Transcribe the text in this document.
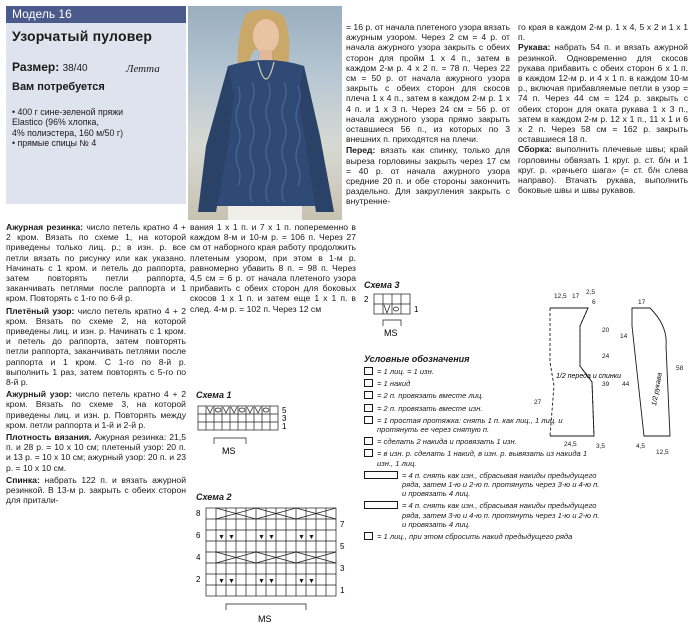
Модель 16
Узорчатый пуловер
Размер: 38/40	Летта
Вам потребуется
• 400 г сине-зеленой пряжи
Elastico (96% хлопка,
4% полиэстера, 160 м/50 г)
• прямые спицы № 4

Ажурная резинка: число петель кратно 4 + 2 кром. Вязать по схеме 1, на которой приведены только лиц. р.; в изн. р. все петли вязать по рисунку или как указано. Начинать с 1 кром. и петель до раппорта, затем повторять петли раппорта, заканчивать петлями после раппорта и 1 кром. Повторять с 1-го по 6-й р.

Плетёный узор: число петель кратно 4 + 2 кром. Вязать по схеме 2, на которой приведены лиц. и изн. р. Начинать с 1 кром. и петель до раппорта, затем повторять петли раппорта, заканчивать петлями после раппорта и 1 кром. С 1-го по 8-й р. выполнить 1 раз, затем повторять с 5-го по 8-й р.

Ажурный узор: число петель кратно 4 + 2 кром. Вязать по схеме 3, на которой приведены лиц. и изн. р. Повторять между кром. петли раппорта и 1-й и 2-й р.

Плотность вязания. Ажурная резинка: 21,5 п. и 28 р. = 10 х 10 см; плетеный узор: 20 п. и 13 р. = 10 х 10 см; ажурный узор: 20 п. и 23 р. = 10 х 10 см.

Спинка: набрать 122 п. и вязать ажурной резинкой. В 13-м р. закрыть с обеих сторон для притали-

вания 1 х 1 п. и 7 х 1 п. попеременно в каждом 8-м и 10-м р. = 106 п. Через 27 см от наборного края работу продолжить плетеным узором, при этом в 1-м р. равномерно убавить 8 п. = 98 п. Через 4,5 см = 6 р. от начала плетеного узора прибавить с обеих сторон для боковых скосов 1 х 1 п. и затем еще 1 х 1 п. в след. 4-м р. = 102 п. Через 12 см

= 16 р. от начала плетеного узора вязать ажурным узором. Через 2 см = 4 р. от начала ажурного узора закрыть с обеих сторон для пройм 1 х 4 п., затем в каждом 2-м р. 4 х 2 п. = 78 п. Через 22 см = 50 р. от начала ажурного узора закрыть с обеих сторон для скосов плеча 1 х 4 п., затем в каждом 2-м р. 1 х 4 п. и 1 х 3 п. Через 24 см = 56 р. от начала ажурного узора прямо закрыть оставшиеся 56 п., из которых по 3 внешних п. приходятся на плечи.

Перед: вязать как спинку, только для выреза горловины закрыть через 17 см = 40 р. от начала ажурного узора средние 20 п. и обе стороны закончить раздельно. Для закругления закрыть с внутренне-

го края в каждом 2-м р. 1 х 4, 5 х 2 и 1 х 1 п.

Рукава: набрать 54 п. и вязать ажурной резинкой. Одновременно для скосов рукава прибавить с обеих сторон 6 х 1 п. в каждом 12-м р. и 4 х 1 п. в каждом 10-м р., включая прибавляемые петли в узор = 74 п. Через 44 см = 124 р. закрыть с обеих сторон для оката рукава 1 х 3 п., затем в каждом 2-м р. 12 х 1 п., 11 х 1 и 6 х 2 п. Через 58 см = 162 р. закрыть оставшиеся 18 п.

Сборка: выполнить плечевые швы; край горловины обвязать 1 круг. р. ст. б/н и 1 круг. р. «рачьего шага» (= ст. б/н слева направо). Втачать рукава, выполнить боковые швы и швы рукавов.

Схема 1
5
3
1
MS
Схема 2
▼ ▼	▼ ▼	▼ ▼
▼ ▼	▼ ▼	▼ ▼
8
7
6
5
4
3
2
1
MS
Схема 3
2
1
MS
Условные обозначения
= 1 лиц. = 1 изн.
= 1 накид
= 2 п. провязать вместе лиц.
= 2 п. провязать вместе изн.
= 1 простая протяжка: снять 1 п. как лиц., 1 лиц. и протянуть ее через снятую п.
= сделать 2 накида и провязать 1 изн.
= в изн. р. сделать 1 накид, в изн. р. вывязать из накида 1 изн., 1 лиц.
= 4 п. снять как изн., сбрасывая накиды предыдущего ряда, затем 1-ю и 2-ю п. протянуть через 3-ю и 4-ю п. и провязать 4 лиц.
= 4 п. снять как изн., сбрасывая накиды предыдущего ряда, затем 3-ю и 4-ю п. протянуть через 1-ю и 2-ю п. и провязать 4 лиц.
= 1 лиц., при этом сбросить накид предыдущего ряда
12,5 17
2,5
6
20
24
39
27
24,5	3,5
17
14
44
58
4,5
12,5
1/2 переда и спинки	1/2 рукава
